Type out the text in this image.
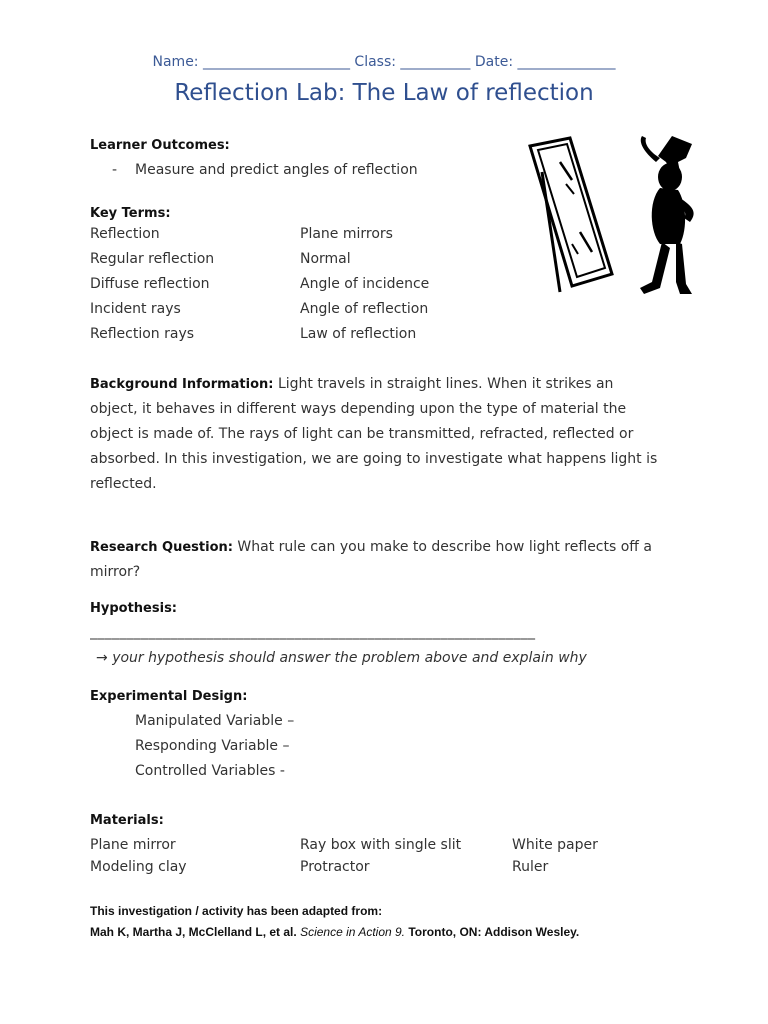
Name: _____________________ Class: __________ Date: ______________
Reflection Lab: The Law of reflection
Learner Outcomes:
- Measure and predict angles of reflection
Key Terms:
Reflection
Regular reflection
Diffuse reflection
Incident rays
Reflection rays
Plane mirrors
Normal
Angle of incidence
Angle of reflection
Law of reflection
Background Information: Light travels in straight lines. When it strikes an
object, it behaves in different ways depending upon the type of material the
object is made of. The rays of light can be transmitted, refracted, reflected or
absorbed. In this investigation, we are going to investigate what happens light is
reflected.
Research Question: What rule can you make to describe how light reflects off a
mirror?
Hypothesis:
_____________________________________________________________
→ your hypothesis should answer the problem above and explain why
Experimental Design:
Manipulated Variable –
Responding Variable –
Controlled Variables -
Materials:
Plane mirror
Modeling clay
Ray box with single slit
Protractor
White paper
Ruler
This investigation / activity has been adapted from:
Mah K, Martha J, McClelland L, et al. Science in Action 9. Toronto, ON: Addison Wesley.
